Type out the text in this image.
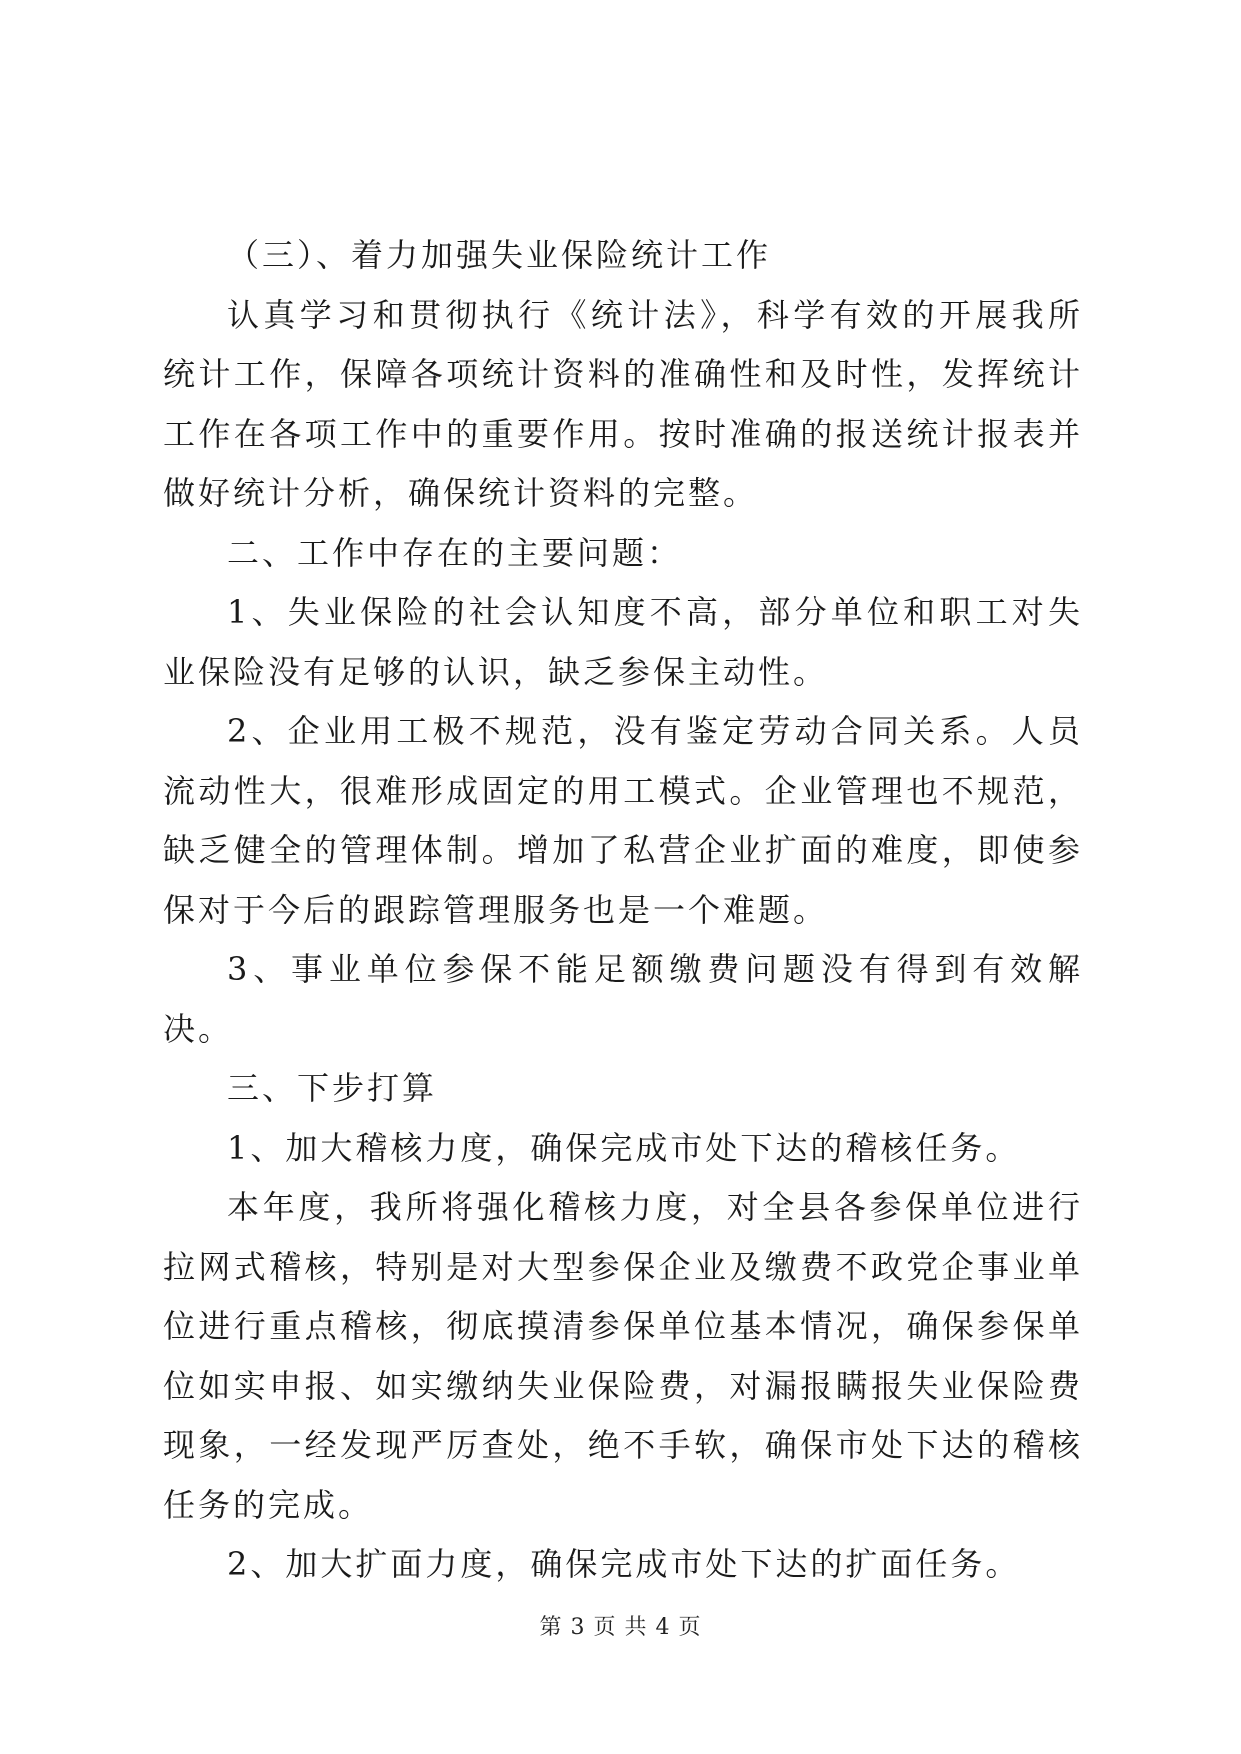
（三）、着力加强失业保险统计工作

认真学习和贯彻执行《统计法》，科学有效的开展我所统计工作，保障各项统计资料的准确性和及时性，发挥统计工作在各项工作中的重要作用。按时准确的报送统计报表并做好统计分析，确保统计资料的完整。

二、工作中存在的主要问题：

1、失业保险的社会认知度不高，部分单位和职工对失业保险没有足够的认识，缺乏参保主动性。

2、企业用工极不规范，没有鉴定劳动合同关系。人员流动性大，很难形成固定的用工模式。企业管理也不规范，缺乏健全的管理体制。增加了私营企业扩面的难度，即使参保对于今后的跟踪管理服务也是一个难题。

3、事业单位参保不能足额缴费问题没有得到有效解决。

三、下步打算

1、加大稽核力度，确保完成市处下达的稽核任务。

本年度，我所将强化稽核力度，对全县各参保单位进行拉网式稽核，特别是对大型参保企业及缴费不政党企事业单位进行重点稽核，彻底摸清参保单位基本情况，确保参保单位如实申报、如实缴纳失业保险费，对漏报瞒报失业保险费现象，一经发现严厉查处，绝不手软，确保市处下达的稽核任务的完成。

2、加大扩面力度，确保完成市处下达的扩面任务。

第 3 页 共 4 页
